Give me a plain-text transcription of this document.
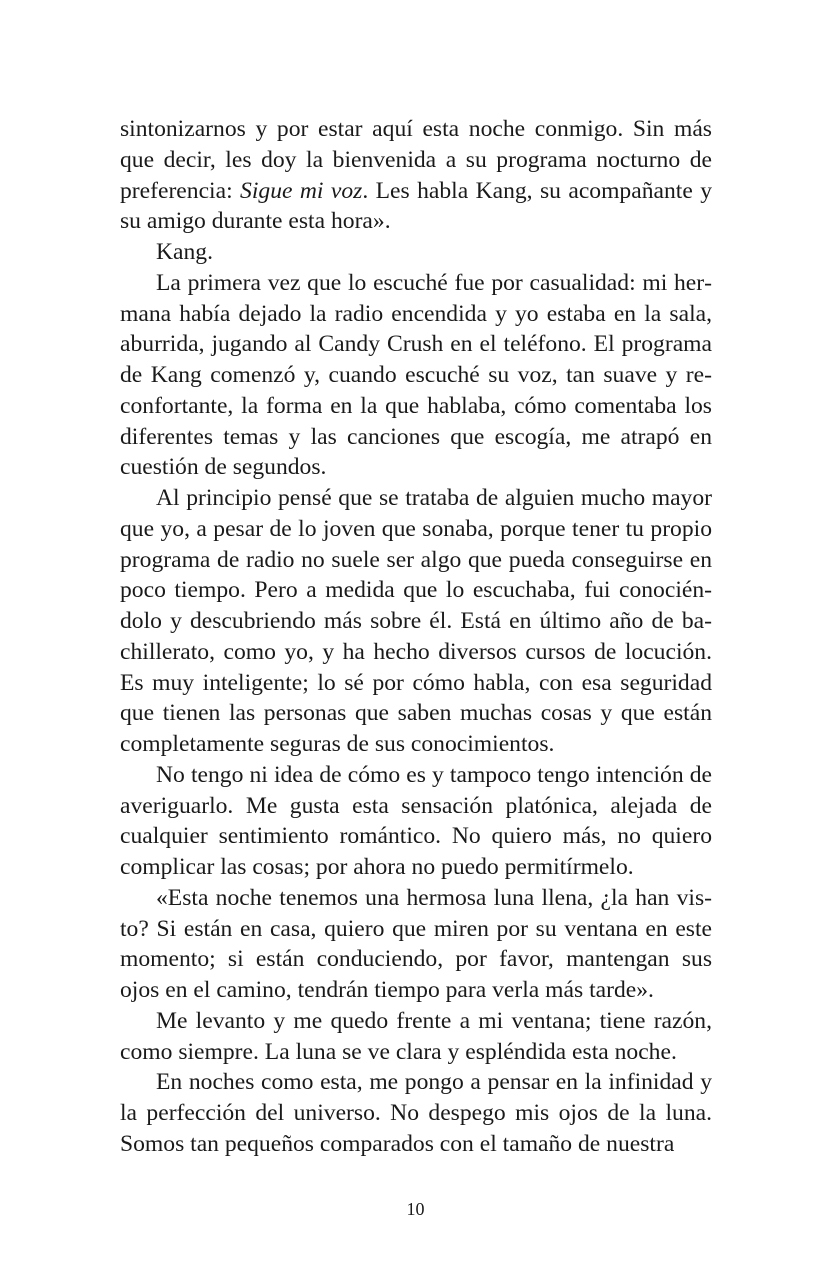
sintonizarnos y por estar aquí esta noche conmigo. Sin más que decir, les doy la bienvenida a su programa nocturno de preferencia: Sigue mi voz. Les habla Kang, su acompañante y su amigo durante esta hora».

Kang.

La primera vez que lo escuché fue por casualidad: mi hermana había dejado la radio encendida y yo estaba en la sala, aburrida, jugando al Candy Crush en el teléfono. El programa de Kang comenzó y, cuando escuché su voz, tan suave y reconfortante, la forma en la que hablaba, cómo comentaba los diferentes temas y las canciones que escogía, me atrapó en cuestión de segundos.

Al principio pensé que se trataba de alguien mucho mayor que yo, a pesar de lo joven que sonaba, porque tener tu propio programa de radio no suele ser algo que pueda conseguirse en poco tiempo. Pero a medida que lo escuchaba, fui conociéndolo y descubriendo más sobre él. Está en último año de bachillerato, como yo, y ha hecho diversos cursos de locución. Es muy inteligente; lo sé por cómo habla, con esa seguridad que tienen las personas que saben muchas cosas y que están completamente seguras de sus conocimientos.

No tengo ni idea de cómo es y tampoco tengo intención de averiguarlo. Me gusta esta sensación platónica, alejada de cualquier sentimiento romántico. No quiero más, no quiero complicar las cosas; por ahora no puedo permitírmelo.

«Esta noche tenemos una hermosa luna llena, ¿la han visto? Si están en casa, quiero que miren por su ventana en este momento; si están conduciendo, por favor, mantengan sus ojos en el camino, tendrán tiempo para verla más tarde».

Me levanto y me quedo frente a mi ventana; tiene razón, como siempre. La luna se ve clara y espléndida esta noche.

En noches como esta, me pongo a pensar en la infinidad y la perfección del universo. No despego mis ojos de la luna. Somos tan pequeños comparados con el tamaño de nuestra

10
